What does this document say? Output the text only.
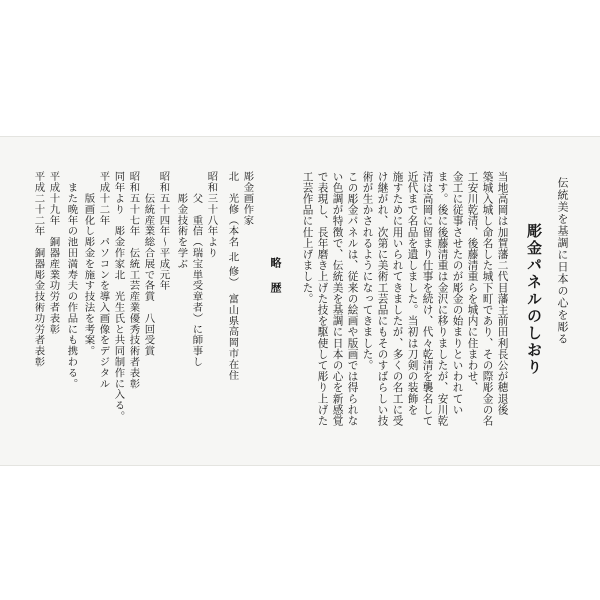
伝統美を基調に日本の心を彫る
彫金パネルのしおり
当地高岡は加賀藩二代目藩主前田利長公が穂退後
築城入城し命名した城下町であり、その際彫金の名
工安川乾清、後藤清重らを城内に住まわせ、
金工に従事させたのが彫金の始まりといわれてい
ます。後に後藤清重は金沢に移りましたが、安川乾
清は高岡に留まり仕事を続け、代々乾清を襲名して
近代まで名品を遺しました。当初は刀剣の装飾を
施すために用いられてきましたが、多くの名工に受
け継がれ、次第に美術工芸品にもそのすばらしい技
術が生かされるようになってきました。
この彫金パネルは、従来の絵画や版画では得られな
い色調が特徴で、伝統美を基調に日本の心を新感覚
で表現し、長年磨き上げた技を駆使して彫り上げた
工芸作品に仕上げました。
略歴
彫金画作家
北　光修（本名 北 修）　富山県高岡市在住
昭和三十八年より
　　父　重信（瑞宝単受章者）に師事し
　　彫金技術を学ぶ
昭和五十四年～平成元年
　　伝統産業総合展で各賞　八回受賞
昭和五十七年　伝統工芸産業優秀技術者表彰
同年より　彫金作家北　光生氏と共同制作に入る。
平成十二年　パソコンを導入画像をデジタル
　　版画化し彫金を施す技法を考案。
　また晩年の池田満寿夫の作品にも携わる。
平成十九年　銅器産業功労者表彰
平成二十二年　銅器彫金技術功労者表彰
